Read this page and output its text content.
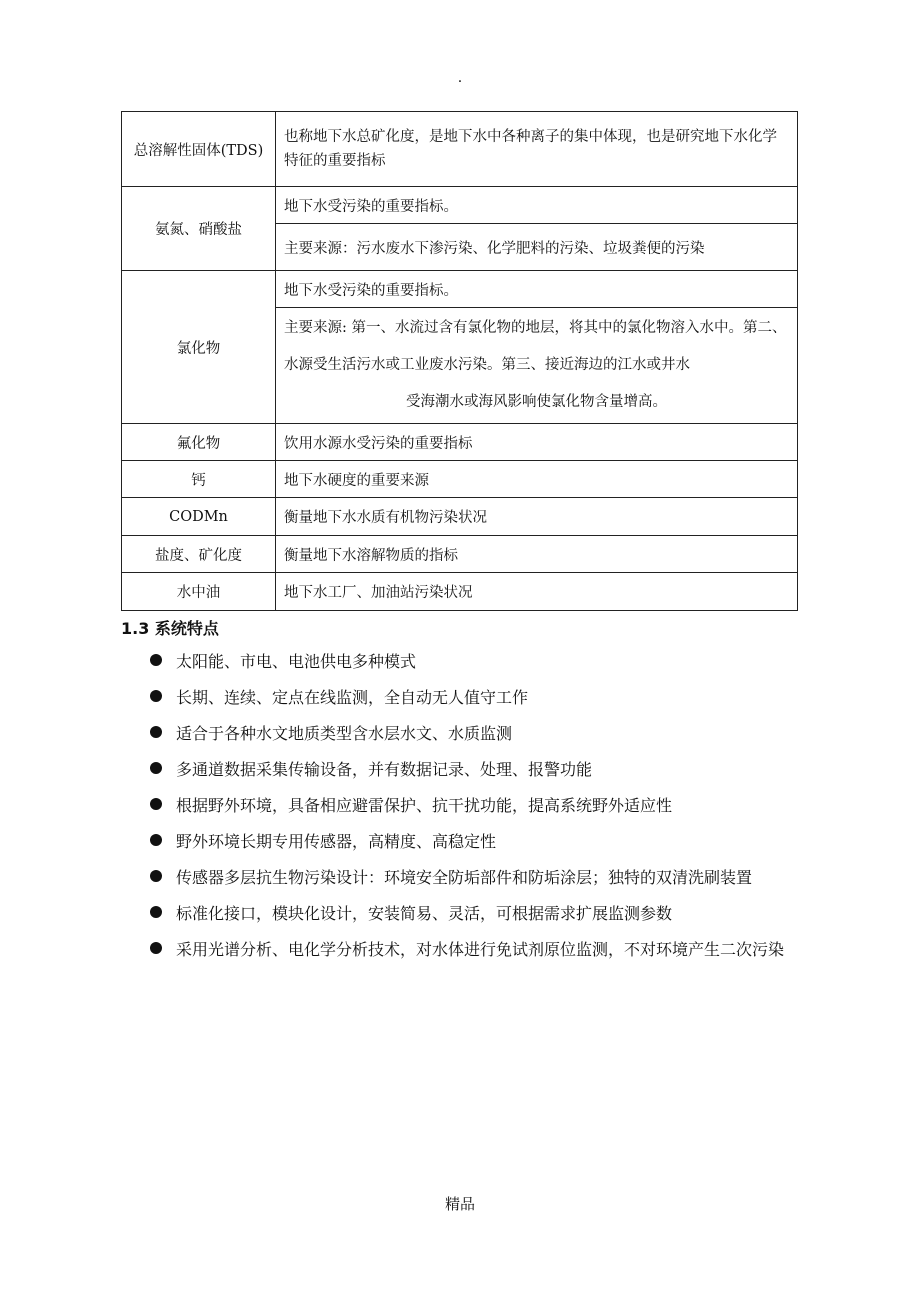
.
总溶解性固体(TDS)	也称地下水总矿化度，是地下水中各种离子的集中体现，也是研究地下水化学特征的重要指标
氨氮、硝酸盐	地下水受污染的重要指标。
	主要来源：污水废水下渗污染、化学肥料的污染、垃圾粪便的污染
氯化物	地下水受污染的重要指标。
	主要来源: 第一、水流过含有氯化物的地层，将其中的氯化物溶入水中。第二、水源受生活污水或工业废水污染。第三、接近海边的江水或井水
受海潮水或海风影响使氯化物含量增高。

氟化物	饮用水源水受污染的重要指标
钙	地下水硬度的重要来源
CODMn	衡量地下水水质有机物污染状况
盐度、矿化度	衡量地下水溶解物质的指标
水中油	地下水工厂、加油站污染状况
1.3 系统特点
太阳能、市电、电池供电多种模式
长期、连续、定点在线监测，全自动无人值守工作
适合于各种水文地质类型含水层水文、水质监测
多通道数据采集传输设备，并有数据记录、处理、报警功能
根据野外环境，具备相应避雷保护、抗干扰功能，提高系统野外适应性
野外环境长期专用传感器，高精度、高稳定性
传感器多层抗生物污染设计：环境安全防垢部件和防垢涂层；独特的双清洗刷装置
标准化接口，模块化设计，安装简易、灵活，可根据需求扩展监测参数
采用光谱分析、电化学分析技术，对水体进行免试剂原位监测，不对环境产生二次污染
精品
